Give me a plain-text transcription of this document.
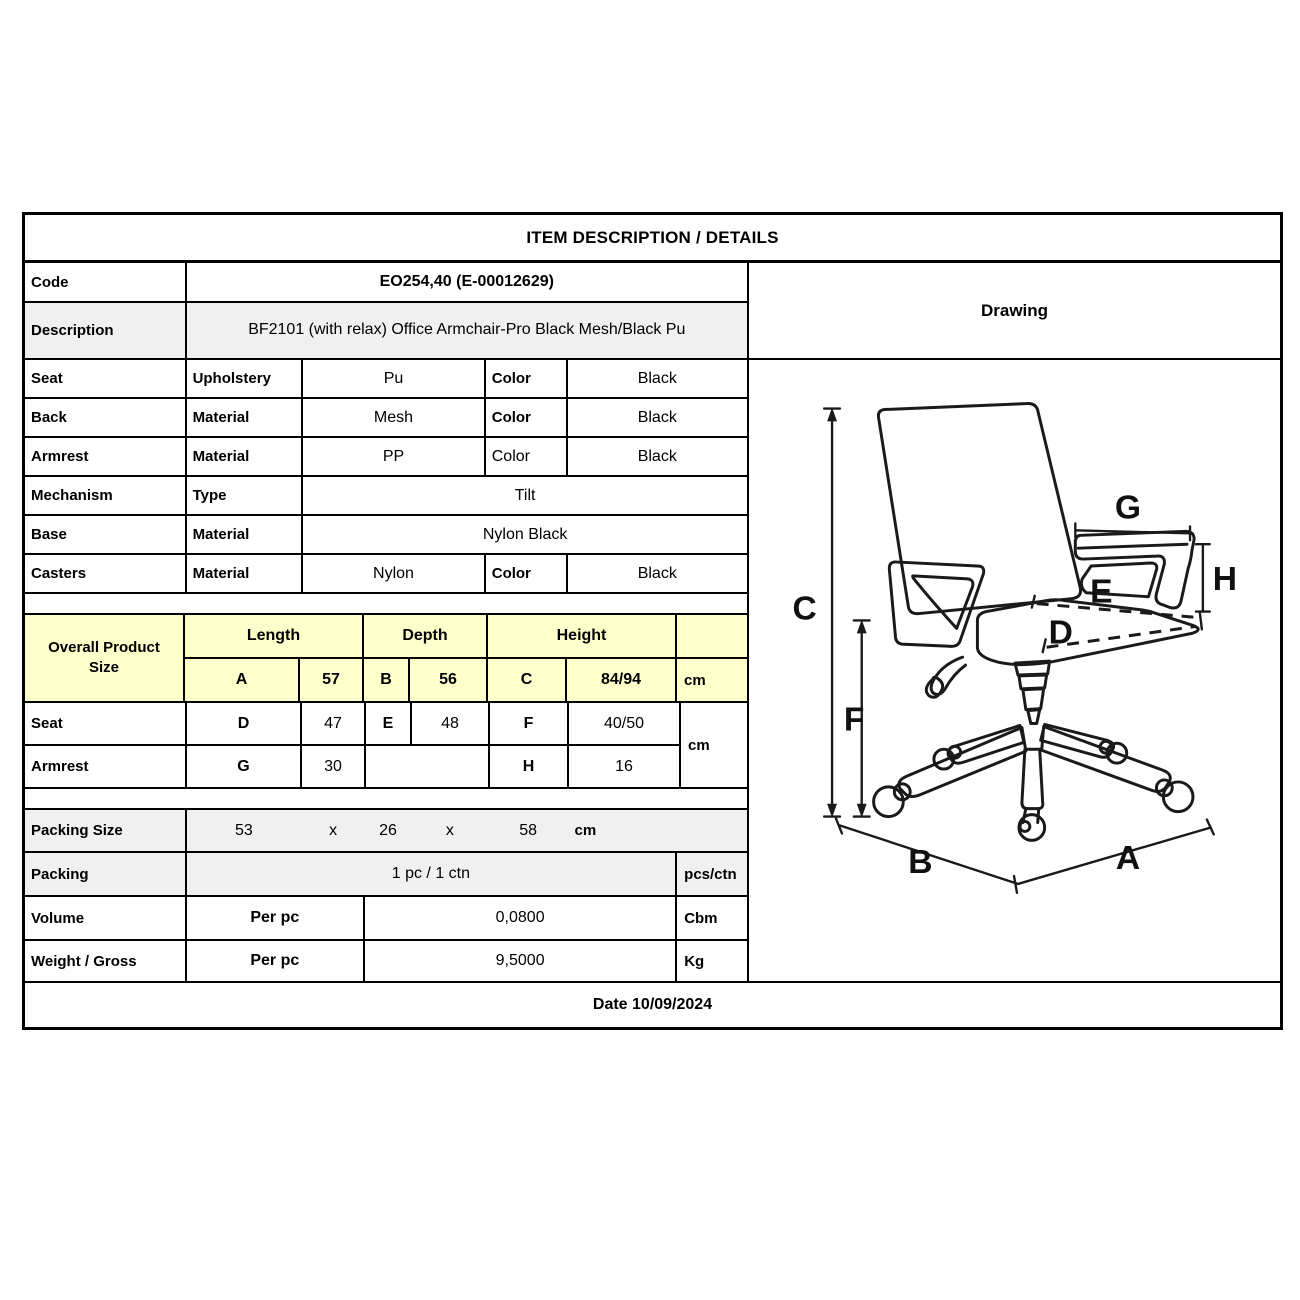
ITEM DESCRIPTION / DETAILS
Code	EO254,40 (E-00012629)
Description	BF2101 (with relax) Office Armchair-Pro Black Mesh/Black Pu
Seat	Upholstery	Pu	Color	Black
Back	Material	Mesh	Color	Black
Armrest	Material	PP	Color	Black
Mechanism	Type	Tilt
Base	Material	Nylon Black
Casters	Material	Nylon	Color	Black
Overall Product Size
Length	Depth	Height
A	57	B	56	C	84/94	cm
Seat	D	47	E	48	F	40/50
Armrest	G	30	H	16
cm
Packing Size	53	x	26	x	58	cm
Packing	1 pc / 1 ctn	pcs/ctn
Volume	Per pc	0,0800	Cbm
Weight / Gross	Per pc	9,5000	Kg
Drawing
C
F
G
H
E
D
B	A
Date 10/09/2024
